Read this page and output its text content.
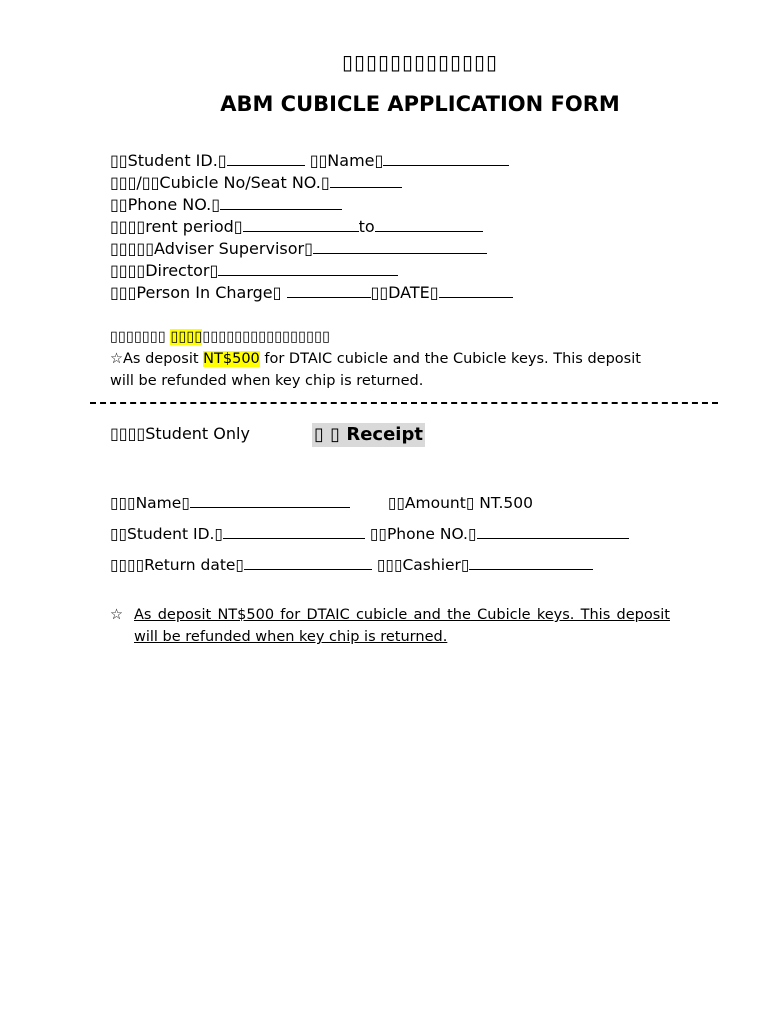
▯▯▯▯▯▯▯▯▯▯▯▯▯
ABM CUBICLE APPLICATION FORM
▯▯Student ID.▯	▯▯Name▯
▯▯▯/▯▯Cubicle No/Seat NO.▯
▯▯Phone NO.▯
▯▯▯▯rent period▯	to
▯▯▯▯▯Adviser Supervisor▯
▯▯▯▯Director▯
▯▯▯Person In Charge▯	▯▯DATE▯
▯▯▯▯▯▯▯ ▯▯▯▯▯▯▯▯▯▯▯▯▯▯▯▯▯▯▯▯
☆As deposit NT$500 for DTAIC cubicle and the Cubicle keys. This deposit will be refunded when key chip is returned.
▯▯▯▯Student Only	▯ ▯ Receipt
▯▯▯Name▯	▯▯Amount▯ NT.500
▯▯Student ID.▯	▯▯Phone NO.▯
▯▯▯▯Return date▯	▯▯▯Cashier▯
☆ As deposit NT$500 for DTAIC cubicle and the Cubicle keys. This deposit will be refunded when key chip is returned.
